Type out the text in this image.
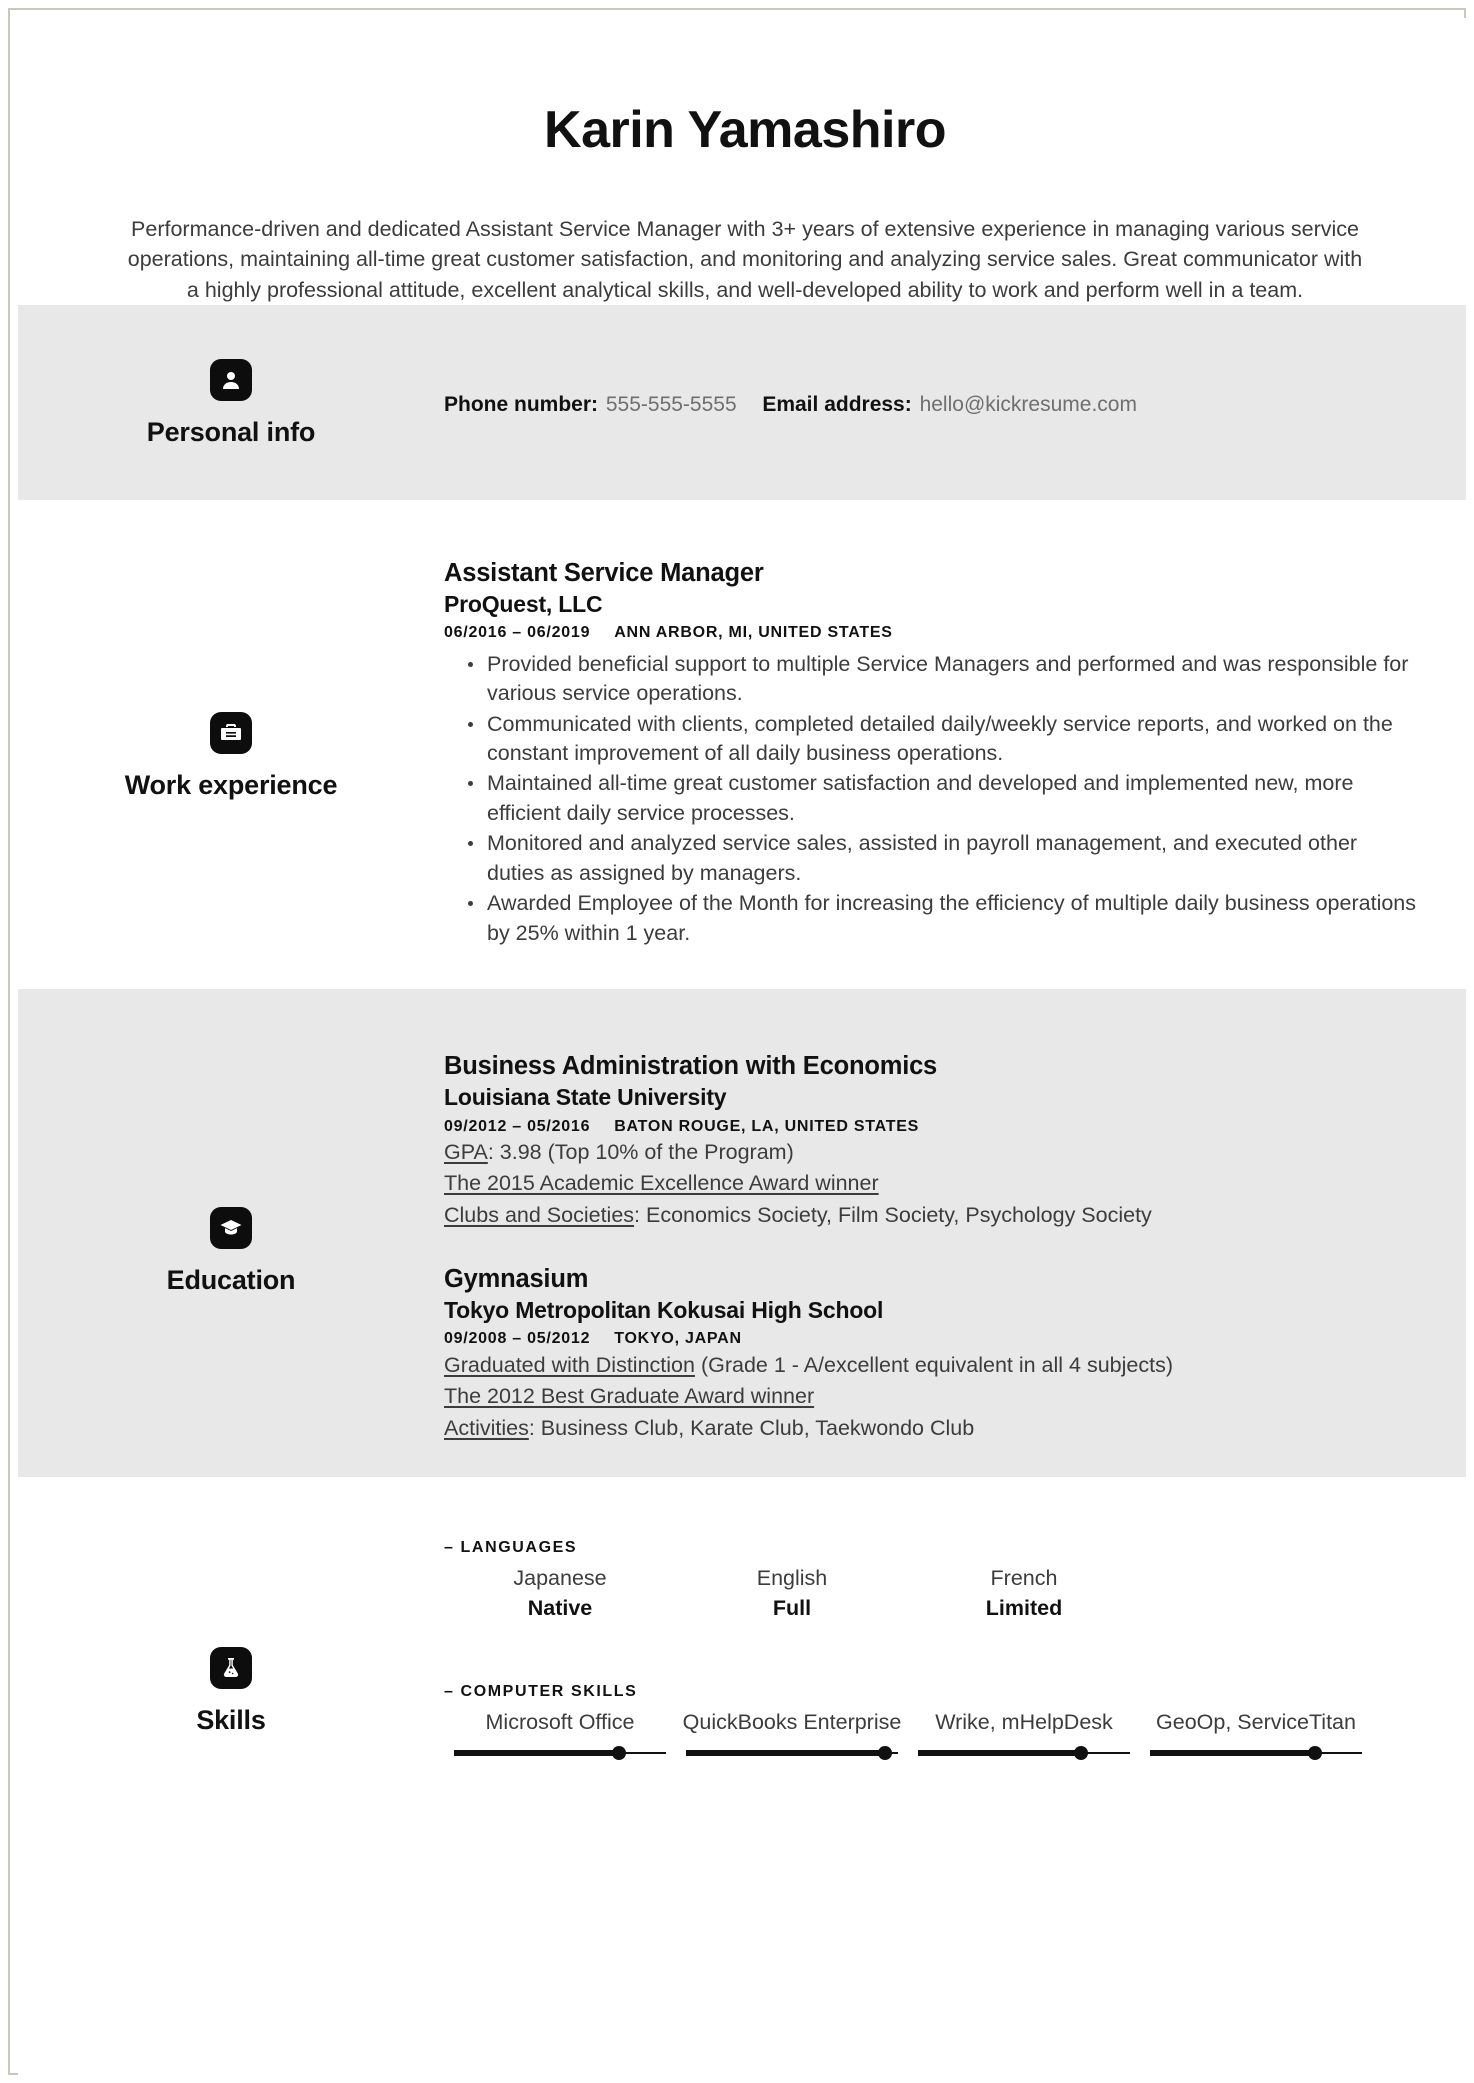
Karin Yamashiro
Performance-driven and dedicated Assistant Service Manager with 3+ years of extensive experience in managing various service operations, maintaining all-time great customer satisfaction, and monitoring and analyzing service sales. Great communicator with a highly professional attitude, excellent analytical skills, and well-developed ability to work and perform well in a team.
Personal info
Phone number: 555-555-5555 Email address: hello@kickresume.com
Work experience
Assistant Service Manager
ProQuest, LLC
06/2016 – 06/2019 ANN ARBOR, MI, UNITED STATES
Provided beneficial support to multiple Service Managers and performed and was responsible for various service operations.
Communicated with clients, completed detailed daily/weekly service reports, and worked on the constant improvement of all daily business operations.
Maintained all-time great customer satisfaction and developed and implemented new, more efficient daily service processes.
Monitored and analyzed service sales, assisted in payroll management, and executed other duties as assigned by managers.
Awarded Employee of the Month for increasing the efficiency of multiple daily business operations by 25% within 1 year.
Education
Business Administration with Economics
Louisiana State University
09/2012 – 05/2016 BATON ROUGE, LA, UNITED STATES
GPA: 3.98 (Top 10% of the Program)
The 2015 Academic Excellence Award winner
Clubs and Societies: Economics Society, Film Society, Psychology Society
Gymnasium
Tokyo Metropolitan Kokusai High School
09/2008 – 05/2012 TOKYO, JAPAN
Graduated with Distinction (Grade 1 - A/excellent equivalent in all 4 subjects)
The 2012 Best Graduate Award winner
Activities: Business Club, Karate Club, Taekwondo Club
Skills
– LANGUAGES
Japanese
Native
English
Full
French
Limited
– COMPUTER SKILLS
Microsoft Office	QuickBooks Enterprise	Wrike, mHelpDesk	GeoOp, ServiceTitan
